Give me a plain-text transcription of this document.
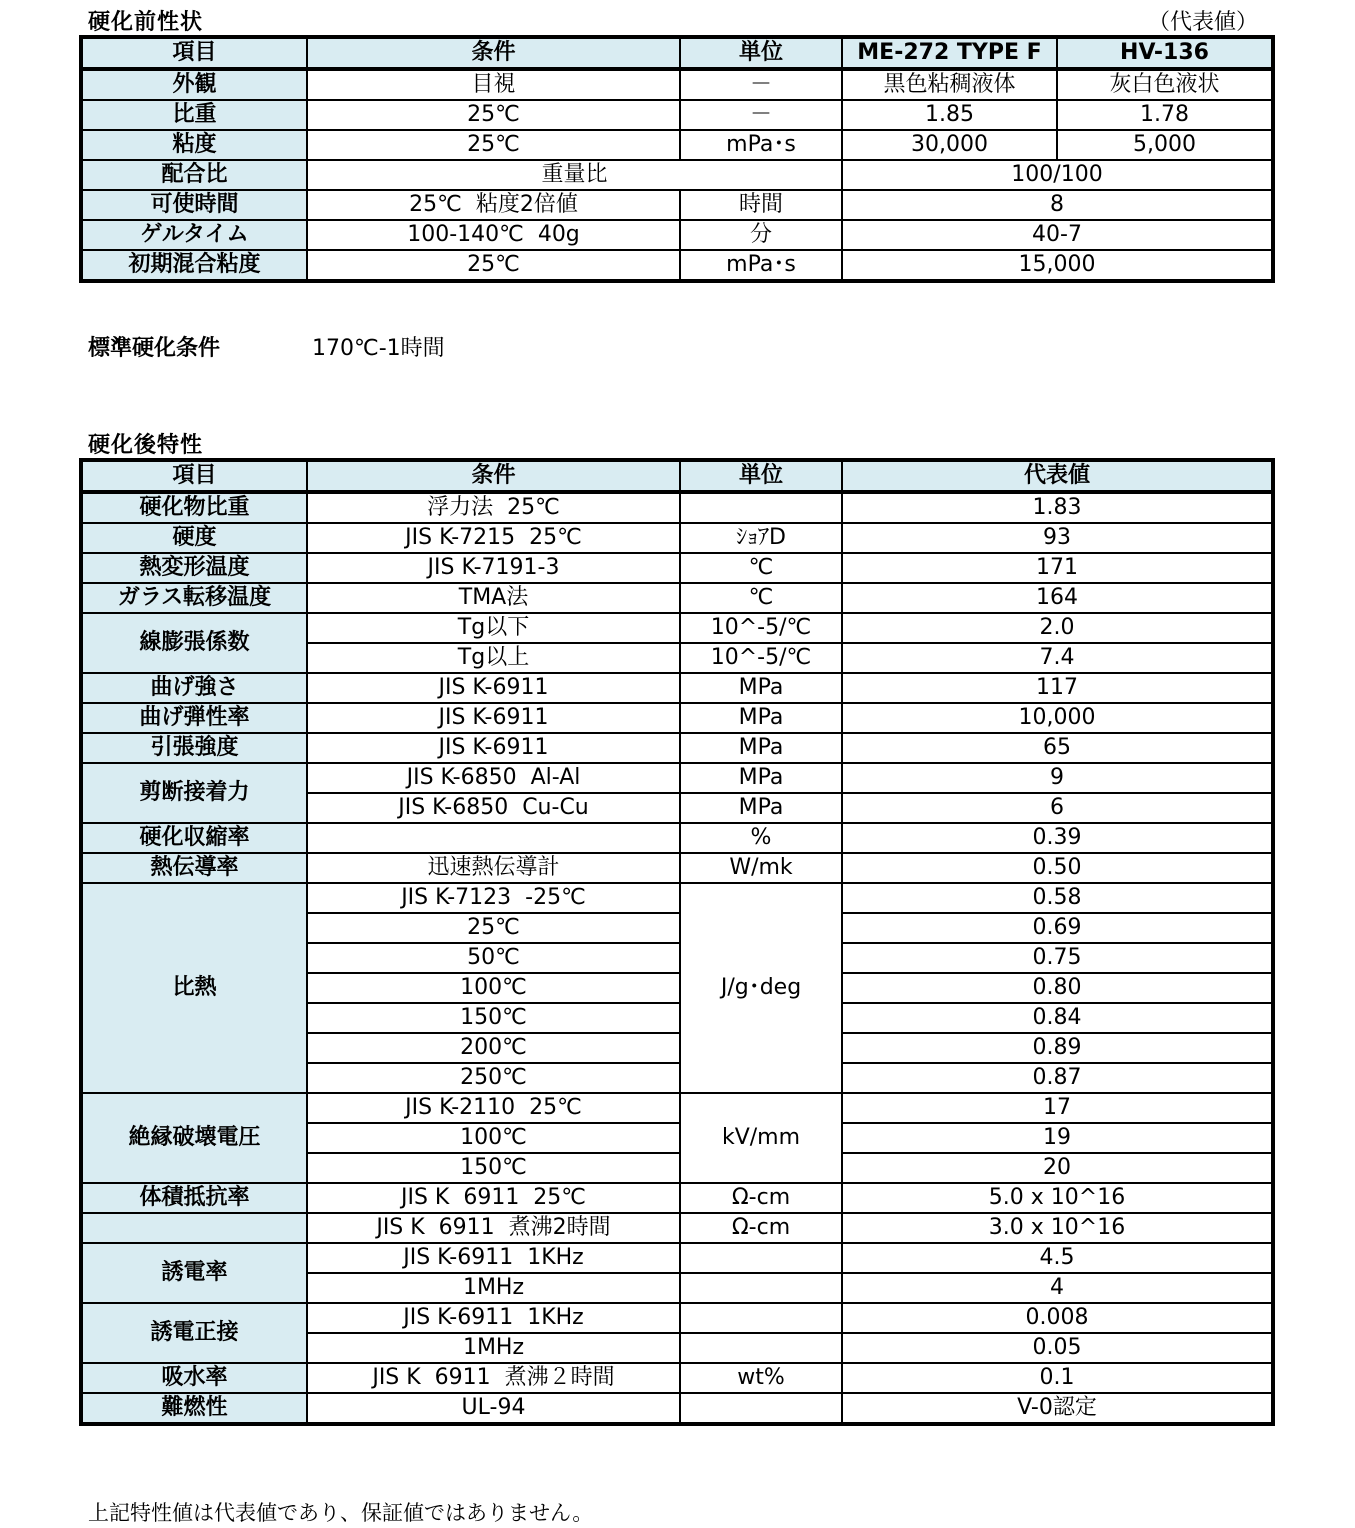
硬化前性状	（代表値）
項目	条件	単位	ME-272 TYPE F	HV-136
外観	目視	－	黒色粘稠液体	灰白色液状
比重	25℃	－	1.85	1.78
粘度	25℃	mPa･s	30,000	5,000
配合比	重量比		100/100	
可使時間	25℃  粘度2倍値	時間	8	
ゲルタイム	100-140℃  40g	分	40-7	
初期混合粘度	25℃	mPa･s	15,000	
標準硬化条件	170℃-1時間
硬化後特性
項目	条件	単位	代表値
硬化物比重	浮力法  25℃		1.83
硬度	JIS K-7215  25℃	ｼｮｱD	93
熱変形温度	JIS K-7191-3	℃	171
ガラス転移温度	TMA法	℃	164
線膨張係数	Tg以下	10^-5/℃	2.0
	Tg以上	10^-5/℃	7.4
曲げ強さ	JIS K-6911	MPa	117
曲げ弾性率	JIS K-6911	MPa	10,000
引張強度	JIS K-6911	MPa	65
剪断接着力	JIS K-6850  Al-Al	MPa	9
	JIS K-6850  Cu-Cu	MPa	6
硬化収縮率		%	0.39
熱伝導率	迅速熱伝導計	W/mk	0.50
比熱	JIS K-7123  -25℃	J/g･deg	0.58
	25℃		0.69
	50℃		0.75
	100℃		0.80
	150℃		0.84
	200℃		0.89
	250℃		0.87
絶縁破壊電圧	JIS K-2110  25℃	kV/mm	17
	100℃		19
	150℃		20
体積抵抗率	JIS K  6911  25℃	Ω-cm	5.0 x 10^16
	JIS K  6911  煮沸2時間	Ω-cm	3.0 x 10^16
誘電率	JIS K-6911  1KHz		4.5
	1MHz		4
誘電正接	JIS K-6911  1KHz		0.008
	1MHz		0.05
吸水率	JIS K  6911  煮沸２時間	wt%	0.1
難燃性	UL-94		V-0認定
上記特性値は代表値であり、保証値ではありません。
